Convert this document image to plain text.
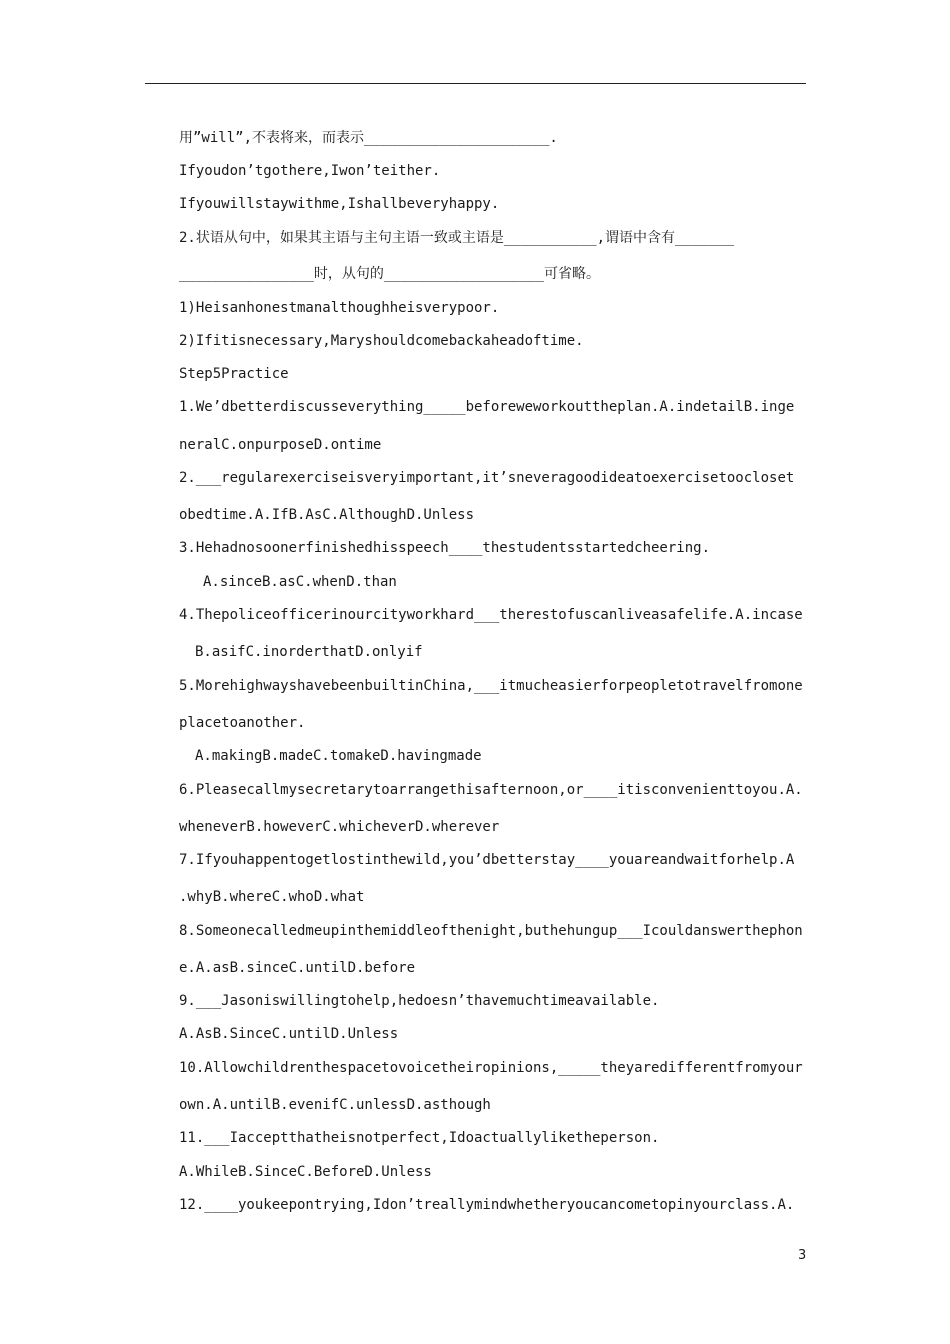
用”will”,不表将来，而表示______________________.
Ifyoudon’tgothere,Iwon’teither.
Ifyouwillstaywithme,Ishallbeveryhappy.
2.状语从句中，如果其主语与主句主语一致或主语是___________,谓语中含有_______
________________时，从句的___________________可省略。
1)Heisanhonestmanalthoughheisverypoor.
2)Ifitisnecessary,Maryshouldcomebackaheadoftime.
Step5Practice
1.We’dbetterdiscusseverything_____beforeweworkouttheplan.A.indetailB.inge
neralC.onpurposeD.ontime
2.___regularexerciseisveryimportant,it’sneveragoodideatoexercisetoocloset
obedtime.A.IfB.AsC.AlthoughD.Unless
3.Hehadnosoonerfinishedhisspeech____thestudentsstartedcheering.
A.sinceB.asC.whenD.than
4.Thepoliceofficerinourcityworkhard___therestofuscanliveasafelife.A.incase
B.asifC.inorderthatD.onlyif
5.MorehighwayshavebeenbuiltinChina,___itmucheasierforpeopletotravelfromone
placetoanother.
A.makingB.madeC.tomakeD.havingmade
6.Pleasecallmysecretarytoarrangethisafternoon,or____itisconvenienttoyou.A.
wheneverB.howeverC.whicheverD.wherever
7.Ifyouhappentogetlostinthewild,you’dbetterstay____youareandwaitforhelp.A
.whyB.whereC.whoD.what
8.Someonecalledmeupinthemiddleofthenight,buthehungup___Icouldanswerthephon
e.A.asB.sinceC.untilD.before
9.___Jasoniswillingtohelp,hedoesn’thavemuchtimeavailable.
A.AsB.SinceC.untilD.Unless
10.Allowchildrenthespacetovoicetheiropinions,_____theyaredifferentfromyour
own.A.untilB.evenifC.unlessD.asthough
11.___Iacceptthatheisnotperfect,Idoactuallyliketheperson.
A.WhileB.SinceC.BeforeD.Unless
12.____youkeepontrying,Idon’treallymindwhetheryoucancometopinyourclass.A.
3
